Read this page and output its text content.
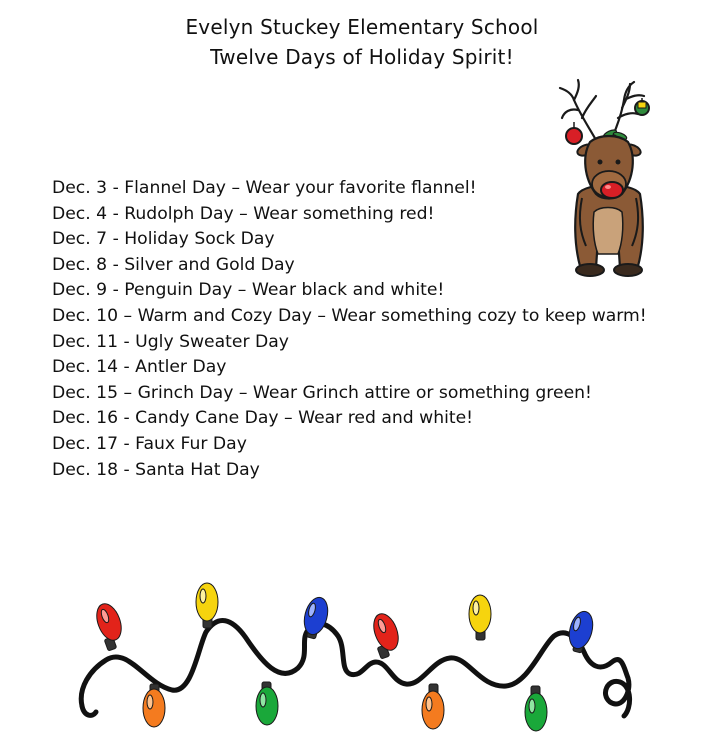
Evelyn Stuckey Elementary School
Twelve Days of Holiday Spirit!
Dec. 3 - Flannel Day – Wear your favorite flannel!
Dec. 4 - Rudolph Day – Wear something red!
Dec. 7 - Holiday Sock Day
Dec. 8 - Silver and Gold Day
Dec. 9 - Penguin Day – Wear black and white!
Dec. 10 – Warm and Cozy Day – Wear something cozy to keep warm!
Dec. 11 - Ugly Sweater Day
Dec. 14 - Antler Day
Dec. 15 – Grinch Day – Wear Grinch attire or something green!
Dec. 16 - Candy Cane Day – Wear red and white!
Dec. 17 - Faux Fur Day
Dec. 18 - Santa Hat Day
